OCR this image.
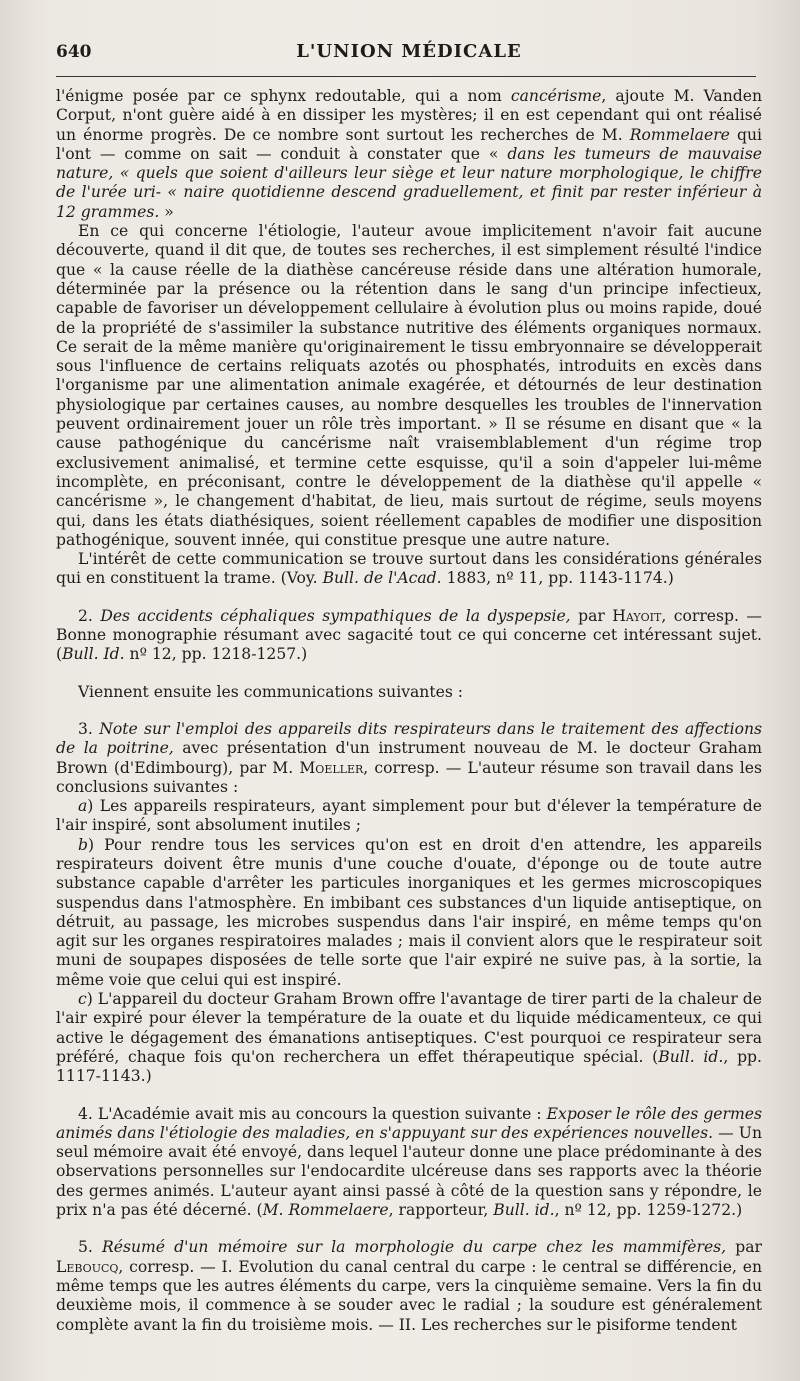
640	L'UNION MÉDICALE

l'énigme posée par ce sphynx redoutable, qui a nom cancérisme, ajoute M. Vanden Corput, n'ont guère aidé à en dissiper les mystères; il en est cependant qui ont réalisé un énorme progrès. De ce nombre sont surtout les recherches de M. Rommelaere qui l'ont — comme on sait — conduit à constater que « dans les tumeurs de mauvaise nature, « quels que soient d'ailleurs leur siège et leur nature morphologique, le chiffre de l'urée uri- « naire quotidienne descend graduellement, et finit par rester inférieur à 12 grammes. »

En ce qui concerne l'étiologie, l'auteur avoue implicitement n'avoir fait aucune découverte, quand il dit que, de toutes ses recherches, il est simplement résulté l'indice que « la cause réelle de la diathèse cancéreuse réside dans une altération humorale, déterminée par la présence ou la rétention dans le sang d'un principe infectieux, capable de favoriser un développement cellulaire à évolution plus ou moins rapide, doué de la propriété de s'assimiler la substance nutritive des éléments organiques normaux. Ce serait de la même manière qu'originairement le tissu embryonnaire se développerait sous l'influence de certains reliquats azotés ou phosphatés, introduits en excès dans l'organisme par une alimentation animale exagérée, et détournés de leur destination physiologique par certaines causes, au nombre desquelles les troubles de l'innervation peuvent ordinairement jouer un rôle très important. » Il se résume en disant que « la cause pathogénique du cancérisme naît vraisemblablement d'un régime trop exclusivement animalisé, et termine cette esquisse, qu'il a soin d'appeler lui-même incomplète, en préconisant, contre le développement de la diathèse qu'il appelle « cancérisme », le changement d'habitat, de lieu, mais surtout de régime, seuls moyens qui, dans les états diathésiques, soient réellement capables de modifier une disposition pathogénique, souvent innée, qui constitue presque une autre nature.

L'intérêt de cette communication se trouve surtout dans les considérations générales qui en constituent la trame. (Voy. Bull. de l'Acad. 1883, nº 11, pp. 1143-1174.)

2. Des accidents céphaliques sympathiques de la dyspepsie, par Hayoit, corresp. — Bonne monographie résumant avec sagacité tout ce qui concerne cet intéressant sujet. (Bull. Id. nº 12, pp. 1218-1257.)

Viennent ensuite les communications suivantes :

3. Note sur l'emploi des appareils dits respirateurs dans le traitement des affections de la poitrine, avec présentation d'un instrument nouveau de M. le docteur Graham Brown (d'Edimbourg), par M. Moeller, corresp. — L'auteur résume son travail dans les conclusions suivantes :

a) Les appareils respirateurs, ayant simplement pour but d'élever la température de l'air inspiré, sont absolument inutiles ;

b) Pour rendre tous les services qu'on est en droit d'en attendre, les appareils respirateurs doivent être munis d'une couche d'ouate, d'éponge ou de toute autre substance capable d'arrêter les particules inorganiques et les germes microscopiques suspendus dans l'atmosphère. En imbibant ces substances d'un liquide antiseptique, on détruit, au passage, les microbes suspendus dans l'air inspiré, en même temps qu'on agit sur les organes respiratoires malades ; mais il convient alors que le respirateur soit muni de soupapes disposées de telle sorte que l'air expiré ne suive pas, à la sortie, la même voie que celui qui est inspiré.

c) L'appareil du docteur Graham Brown offre l'avantage de tirer parti de la chaleur de l'air expiré pour élever la température de la ouate et du liquide médicamenteux, ce qui active le dégagement des émanations antiseptiques. C'est pourquoi ce respirateur sera préféré, chaque fois qu'on recherchera un effet thérapeutique spécial. (Bull. id., pp. 1117-1143.)

4. L'Académie avait mis au concours la question suivante : Exposer le rôle des germes animés dans l'étiologie des maladies, en s'appuyant sur des expériences nouvelles. — Un seul mémoire avait été envoyé, dans lequel l'auteur donne une place prédominante à des observations personnelles sur l'endocardite ulcéreuse dans ses rapports avec la théorie des germes animés. L'auteur ayant ainsi passé à côté de la question sans y répondre, le prix n'a pas été décerné. (M. Rommelaere, rapporteur, Bull. id., nº 12, pp. 1259-1272.)

5. Résumé d'un mémoire sur la morphologie du carpe chez les mammifères, par Leboucq, corresp. — I. Evolution du canal central du carpe : le central se différencie, en même temps que les autres éléments du carpe, vers la cinquième semaine. Vers la fin du deuxième mois, il commence à se souder avec le radial ; la soudure est généralement complète avant la fin du troisième mois. — II. Les recherches sur le pisiforme tendent
